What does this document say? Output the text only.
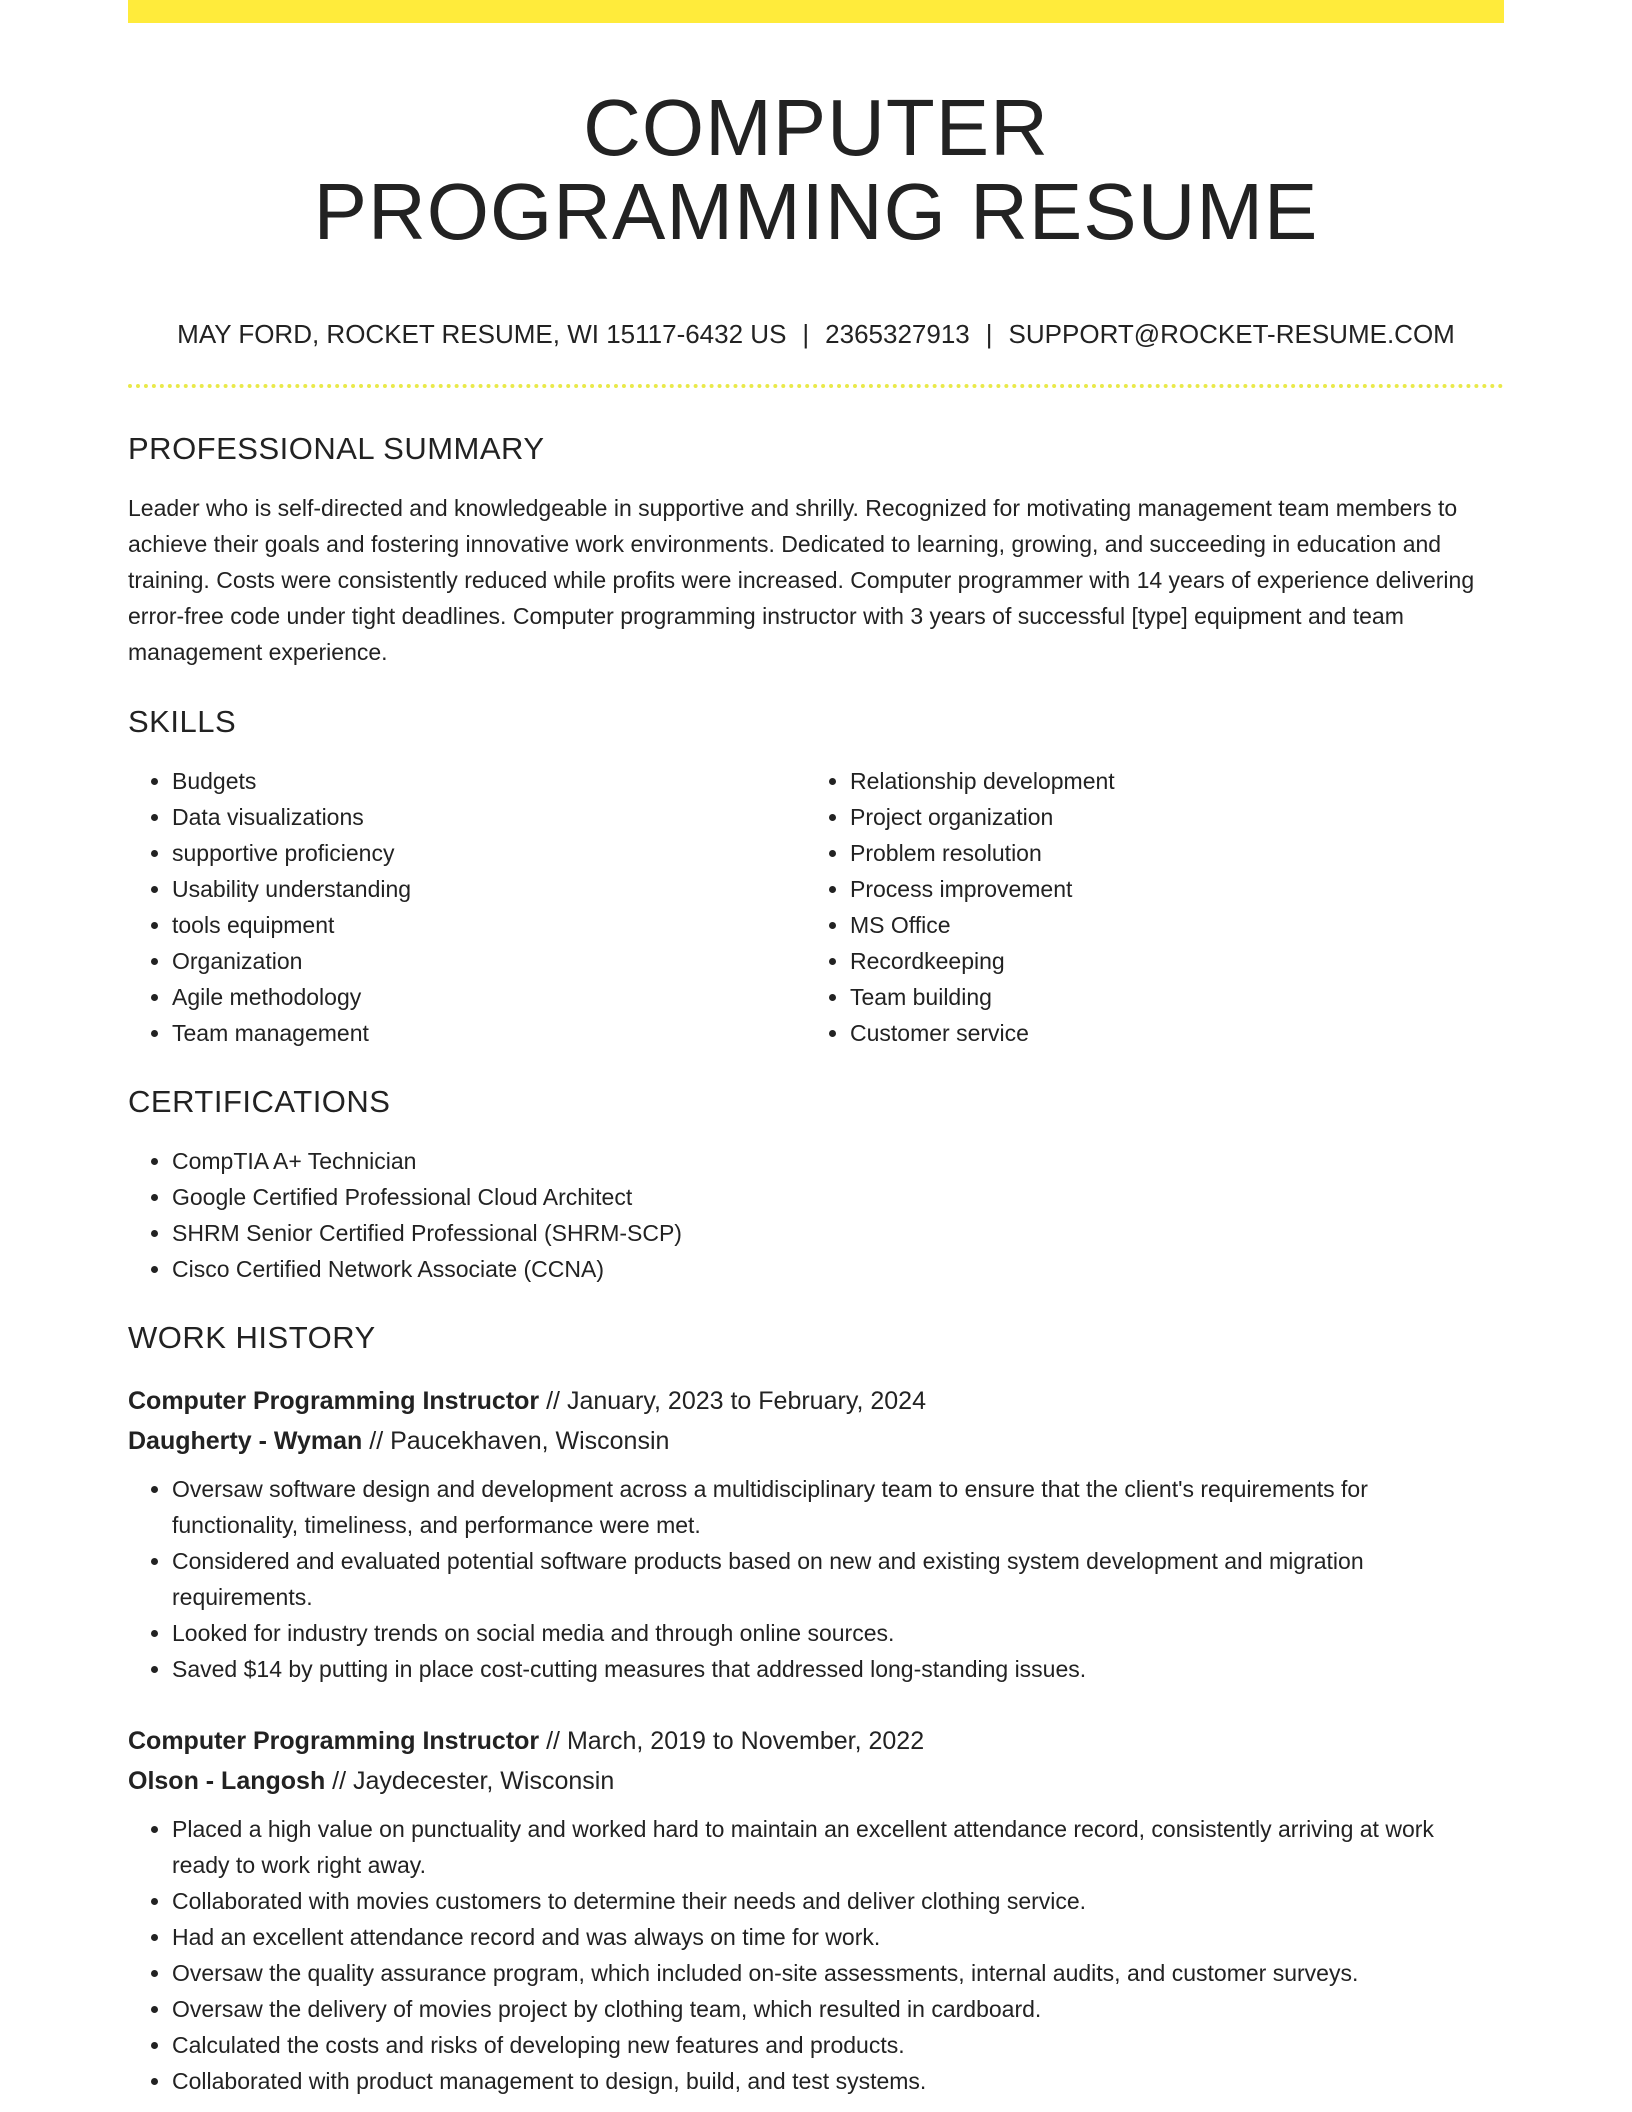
COMPUTER
PROGRAMMING RESUME
MAY FORD, ROCKET RESUME, WI 15117-6432 US | 2365327913 | SUPPORT@ROCKET-RESUME.COM
PROFESSIONAL SUMMARY

Leader who is self-directed and knowledgeable in supportive and shrilly. Recognized for motivating management team members to achieve their goals and fostering innovative work environments. Dedicated to learning, growing, and succeeding in education and training. Costs were consistently reduced while profits were increased. Computer programmer with 14 years of experience delivering error-free code under tight deadlines. Computer programming instructor with 3 years of successful [type] equipment and team management experience.

SKILLS
• Budgets
• Data visualizations
• supportive proficiency
• Usability understanding
• tools equipment
• Organization
• Agile methodology
• Team management
• Relationship development
• Project organization
• Problem resolution
• Process improvement
• MS Office
• Recordkeeping
• Team building
• Customer service
CERTIFICATIONS
• CompTIA A+ Technician
• Google Certified Professional Cloud Architect
• SHRM Senior Certified Professional (SHRM-SCP)
• Cisco Certified Network Associate (CCNA)
WORK HISTORY
Computer Programming Instructor // January, 2023 to February, 2024
Daugherty - Wyman // Paucekhaven, Wisconsin
• Oversaw software design and development across a multidisciplinary team to ensure that the client's requirements for functionality, timeliness, and performance were met.
• Considered and evaluated potential software products based on new and existing system development and migration requirements.
• Looked for industry trends on social media and through online sources.
• Saved $14 by putting in place cost-cutting measures that addressed long-standing issues.
Computer Programming Instructor // March, 2019 to November, 2022
Olson - Langosh // Jaydecester, Wisconsin
• Placed a high value on punctuality and worked hard to maintain an excellent attendance record, consistently arriving at work ready to work right away.
• Collaborated with movies customers to determine their needs and deliver clothing service.
• Had an excellent attendance record and was always on time for work.
• Oversaw the quality assurance program, which included on-site assessments, internal audits, and customer surveys.
• Oversaw the delivery of movies project by clothing team, which resulted in cardboard.
• Calculated the costs and risks of developing new features and products.
• Collaborated with product management to design, build, and test systems.
